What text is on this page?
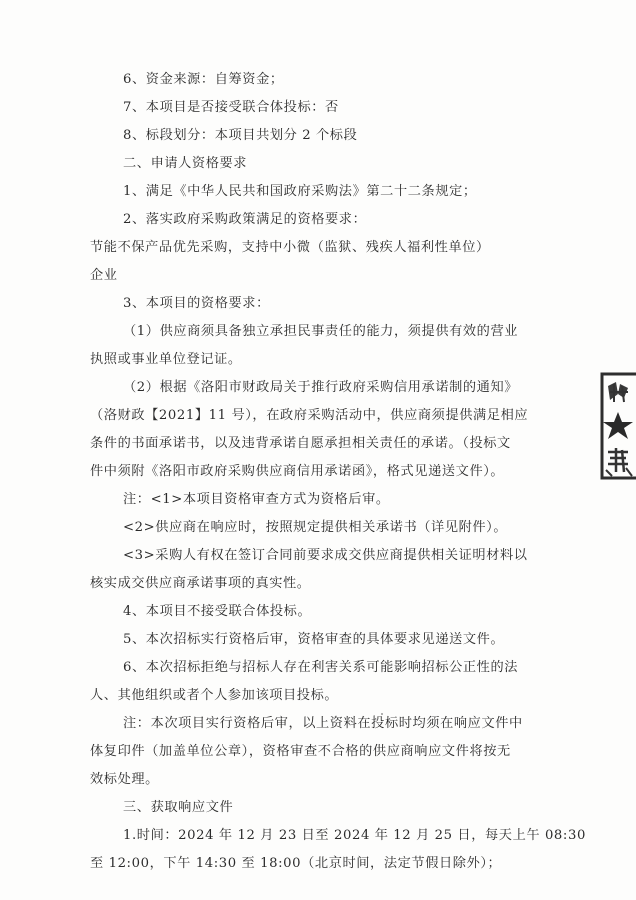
6、资金来源：自筹资金；
7、本项目是否接受联合体投标：否
8、标段划分：本项目共划分 2 个标段
二、申请人资格要求
1、满足《中华人民共和国政府采购法》第二十二条规定；
2、落实政府采购政策满足的资格要求：
节能不保产品优先采购，支持中小微（监狱、残疾人福利性单位）
企业
3、本项目的资格要求：
（1）供应商须具备独立承担民事责任的能力，须提供有效的营业
执照或事业单位登记证。
（2）根据《洛阳市财政局关于推行政府采购信用承诺制的通知》
（洛财政【2021】11 号），在政府采购活动中，供应商须提供满足相应
条件的书面承诺书，以及违背承诺自愿承担相关责任的承诺。（投标文
件中须附《洛阳市政府采购供应商信用承诺函》，格式见递送文件）。
注：<1>本项目资格审查方式为资格后审。
<2>供应商在响应时，按照规定提供相关承诺书（详见附件）。
<3>采购人有权在签订合同前要求成交供应商提供相关证明材料以
核实成交供应商承诺事项的真实性。
4、本项目不接受联合体投标。
5、本次招标实行资格后审，资格审查的具体要求见递送文件。
6、本次招标拒绝与招标人存在利害关系可能影响招标公正性的法
人、其他组织或者个人参加该项目投标。
注：本次项目实行资格后审，以上资料在投标时均须在响应文件中
体复印件（加盖单位公章），资格审查不合格的供应商响应文件将按无
效标处理。
三、获取响应文件
1.时间：2024 年 12 月 23 日至 2024 年 12 月 25 日，每天上午 08:30
至 12:00，下午 14:30 至 18:00（北京时间，法定节假日除外）；
